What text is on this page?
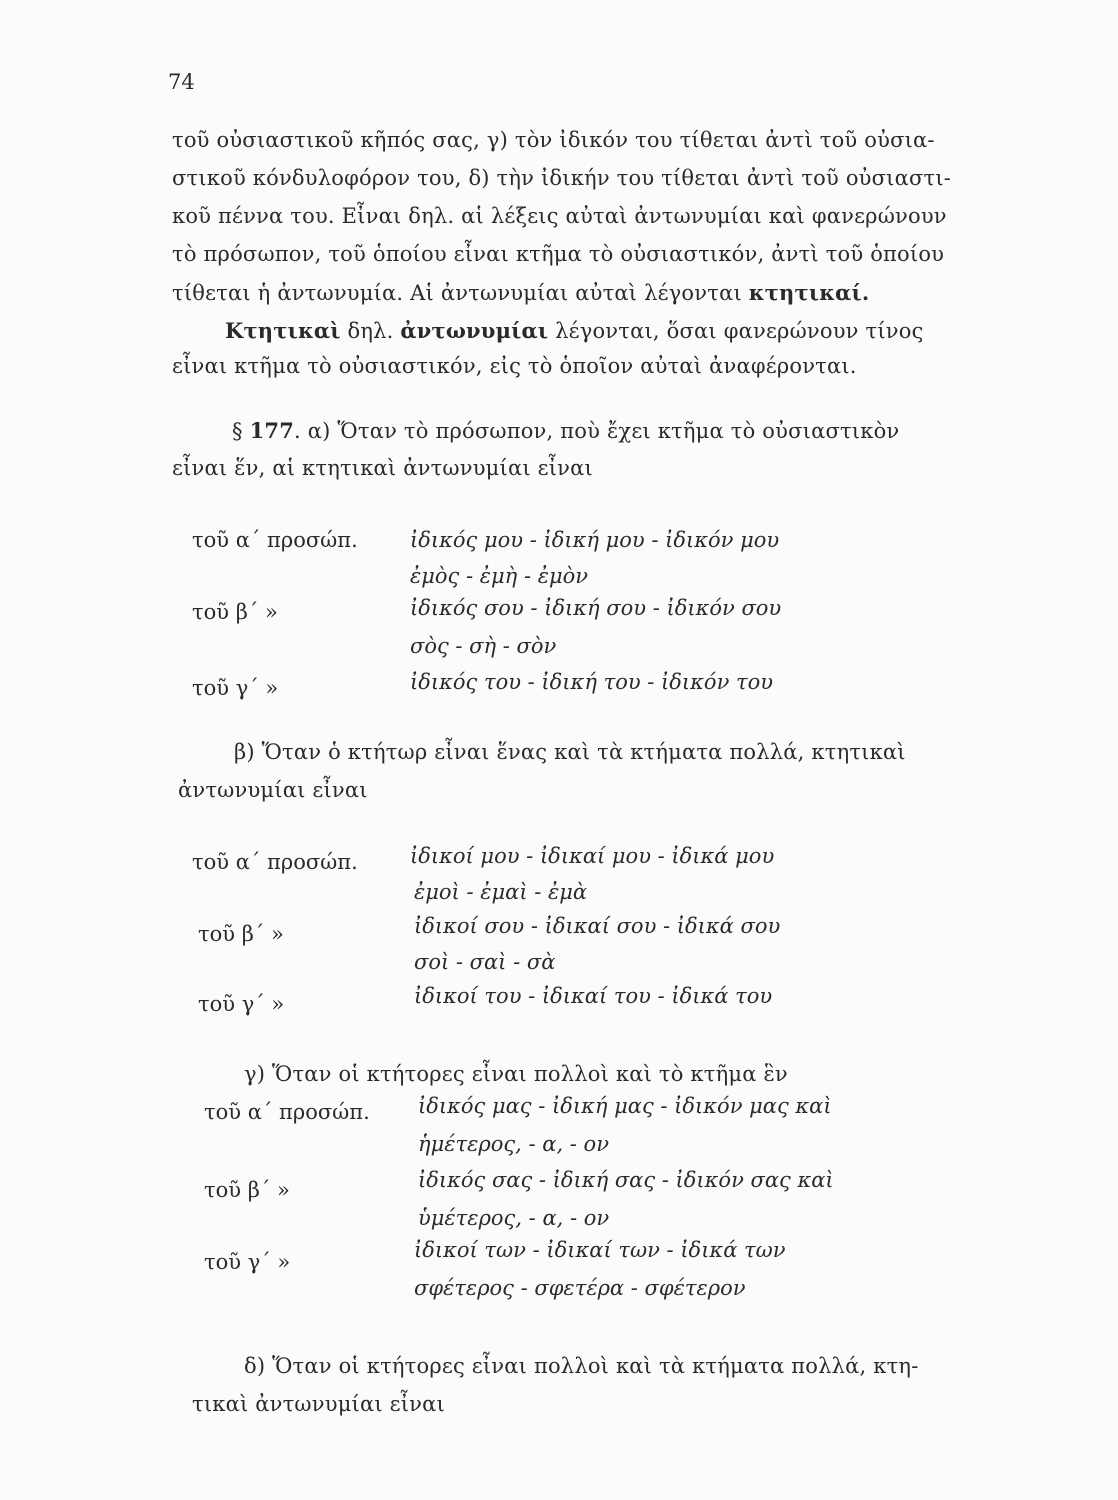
74
τοῦ οὐσιαστικοῦ κῆπός σας, γ) τὸν ἰδικόν του τίθεται ἀντὶ τοῦ οὐσια-
στικοῦ κόνδυλοφόρον του, δ) τὴν ἰδικήν του τίθεται ἀντὶ τοῦ οὐσιαστι-
κοῦ πέννα του. Εἶναι δηλ. αἱ λέξεις αὐταὶ ἀντωνυμίαι καὶ φανερώνουν
τὸ πρόσωπον, τοῦ ὁποίου εἶναι κτῆμα τὸ οὐσιαστικόν, ἀντὶ τοῦ ὁποίου
τίθεται ἡ ἀντωνυμία. Αἱ ἀντωνυμίαι αὐταὶ λέγονται κτητικαί.
Κτητικαὶ δηλ. ἀντωνυμίαι λέγονται, ὅσαι φανερώνουν τίνος
εἶναι κτῆμα τὸ οὐσιαστικόν, εἰς τὸ ὁποῖον αὐταὶ ἀναφέρονται.
§ 177. α) Ὅταν τὸ πρόσωπον, ποὺ ἔχει κτῆμα τὸ οὐσιαστικὸν
εἶναι ἕν, αἱ κτητικαὶ ἀντωνυμίαι εἶναι
τοῦ α΄ προσώπ. ἰδικός μου - ἰδική μου - ἰδικόν μου
ἐμὸς - ἐμὴ - ἐμὸν
τοῦ β΄ »	ἰδικός σου - ἰδική σου - ἰδικόν σου
σὸς - σὴ - σὸν
τοῦ γ΄ »	ἰδικός του - ἰδική του - ἰδικόν του
β) Ὅταν ὁ κτήτωρ εἶναι ἕνας καὶ τὰ κτήματα πολλά, κτητικαὶ
ἀντωνυμίαι εἶναι
τοῦ α΄ προσώπ. ἰδικοί μου - ἰδικαί μου - ἰδικά μου
ἐμοὶ - ἐμαὶ - ἐμὰ
τοῦ β΄ »	ἰδικοί σου - ἰδικαί σου - ἰδικά σου
σοὶ - σαὶ - σὰ
τοῦ γ΄ »	ἰδικοί του - ἰδικαί του - ἰδικά του
γ) Ὅταν οἱ κτήτορες εἶναι πολλοὶ καὶ τὸ κτῆμα ἓν
τοῦ α΄ προσώπ. ἰδικός μας - ἰδική μας - ἰδικόν μας καὶ
ἡμέτερος, - α, - ον
τοῦ β΄ »	ἰδικός σας - ἰδική σας - ἰδικόν σας καὶ
ὑμέτερος, - α, - ον
τοῦ γ΄ »	ἰδικοί των - ἰδικαί των - ἰδικά των
σφέτερος - σφετέρα - σφέτερον
δ) Ὅταν οἱ κτήτορες εἶναι πολλοὶ καὶ τὰ κτήματα πολλά, κτη-
τικαὶ ἀντωνυμίαι εἶναι
